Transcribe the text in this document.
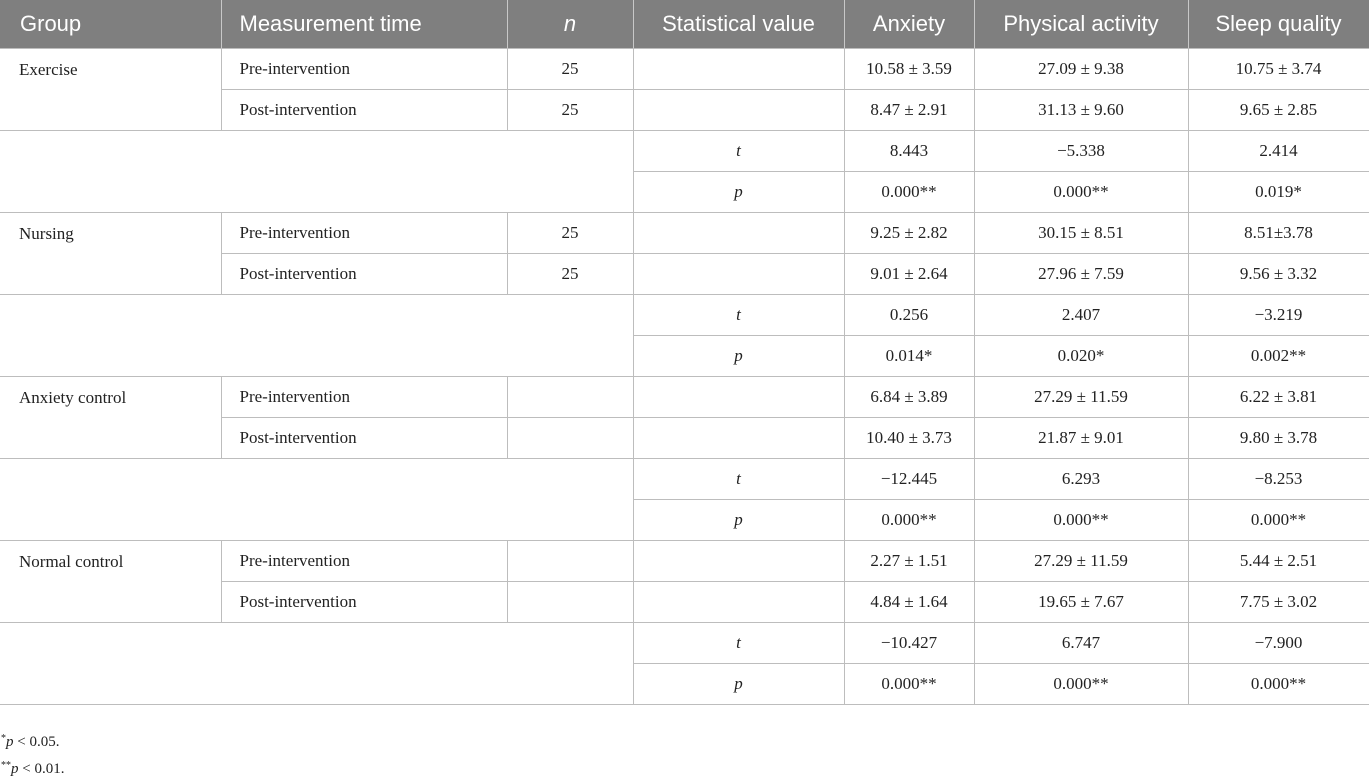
Group	Measurement time	n	Statistical value	Anxiety	Physical activity	Sleep quality
Exercise	Pre-intervention	25		10.58 ± 3.59	27.09 ± 9.38	10.75 ± 3.74
	Post-intervention	25		8.47 ± 2.91	31.13 ± 9.60	9.65 ± 2.85
			t	8.443	−5.338	2.414
			p	0.000**	0.000**	0.019*
Nursing	Pre-intervention	25		9.25 ± 2.82	30.15 ± 8.51	8.51±3.78
	Post-intervention	25		9.01 ± 2.64	27.96 ± 7.59	9.56 ± 3.32
			t	0.256	2.407	−3.219
			p	0.014*	0.020*	0.002**
Anxiety control	Pre-intervention			6.84 ± 3.89	27.29 ± 11.59	6.22 ± 3.81
	Post-intervention			10.40 ± 3.73	21.87 ± 9.01	9.80 ± 3.78
			t	−12.445	6.293	−8.253
			p	0.000**	0.000**	0.000**
Normal control	Pre-intervention			2.27 ± 1.51	27.29 ± 11.59	5.44 ± 2.51
	Post-intervention			4.84 ± 1.64	19.65 ± 7.67	7.75 ± 3.02
			t	−10.427	6.747	−7.900
			p	0.000**	0.000**	0.000**
*p < 0.05.
**p < 0.01.
